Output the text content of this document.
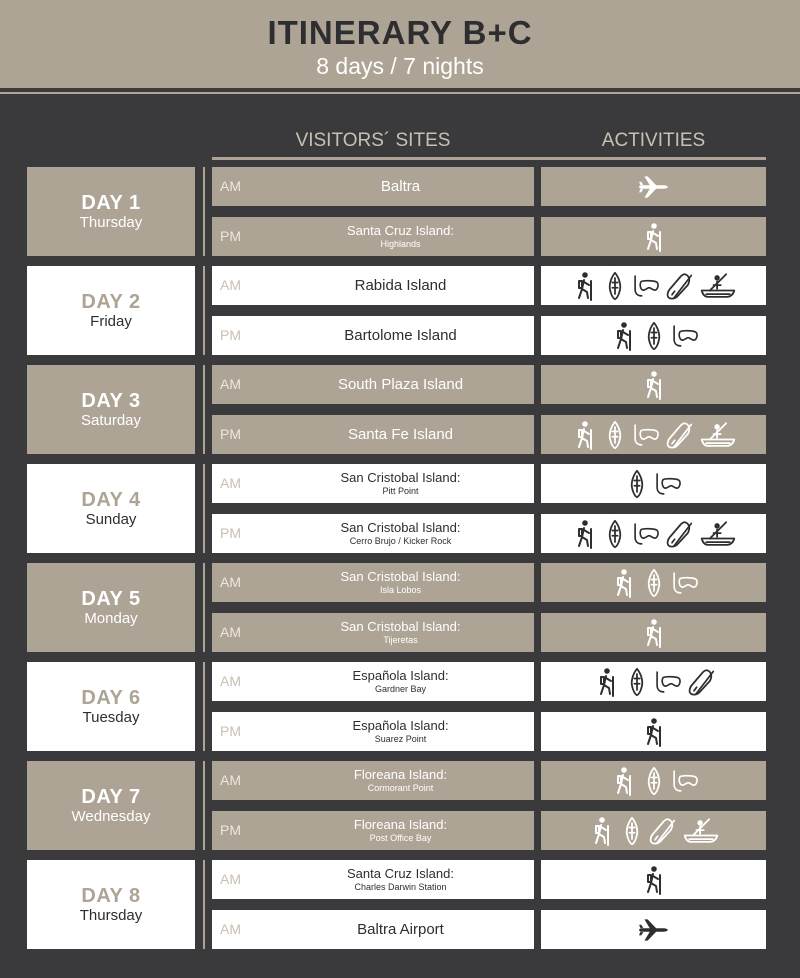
ITINERARY B+C
8 days / 7 nights
VISITORS´ SITES	ACTIVITIES
DAY 1
Thursday
AM	Baltra
PM	Santa Cruz Island:
Highlands
DAY 2
Friday
AM	Rabida Island
PM	Bartolome Island
DAY 3
Saturday
AM	South Plaza Island
PM	Santa Fe Island
DAY 4
Sunday
AM	San Cristobal Island:
Pitt Point
PM	San Cristobal Island:
Cerro Brujo / Kicker Rock
DAY 5
Monday
AM	San Cristobal Island:
Isla Lobos
AM	San Cristobal Island:
Tijeretas
DAY 6
Tuesday
AM	Española Island:
Gardner Bay
PM	Española Island:
Suarez Point
DAY 7
Wednesday
AM	Floreana Island:
Cormorant Point
PM	Floreana Island:
Post Office Bay
DAY 8
Thursday
AM	Santa Cruz Island:
Charles Darwin Station
AM	Baltra Airport
